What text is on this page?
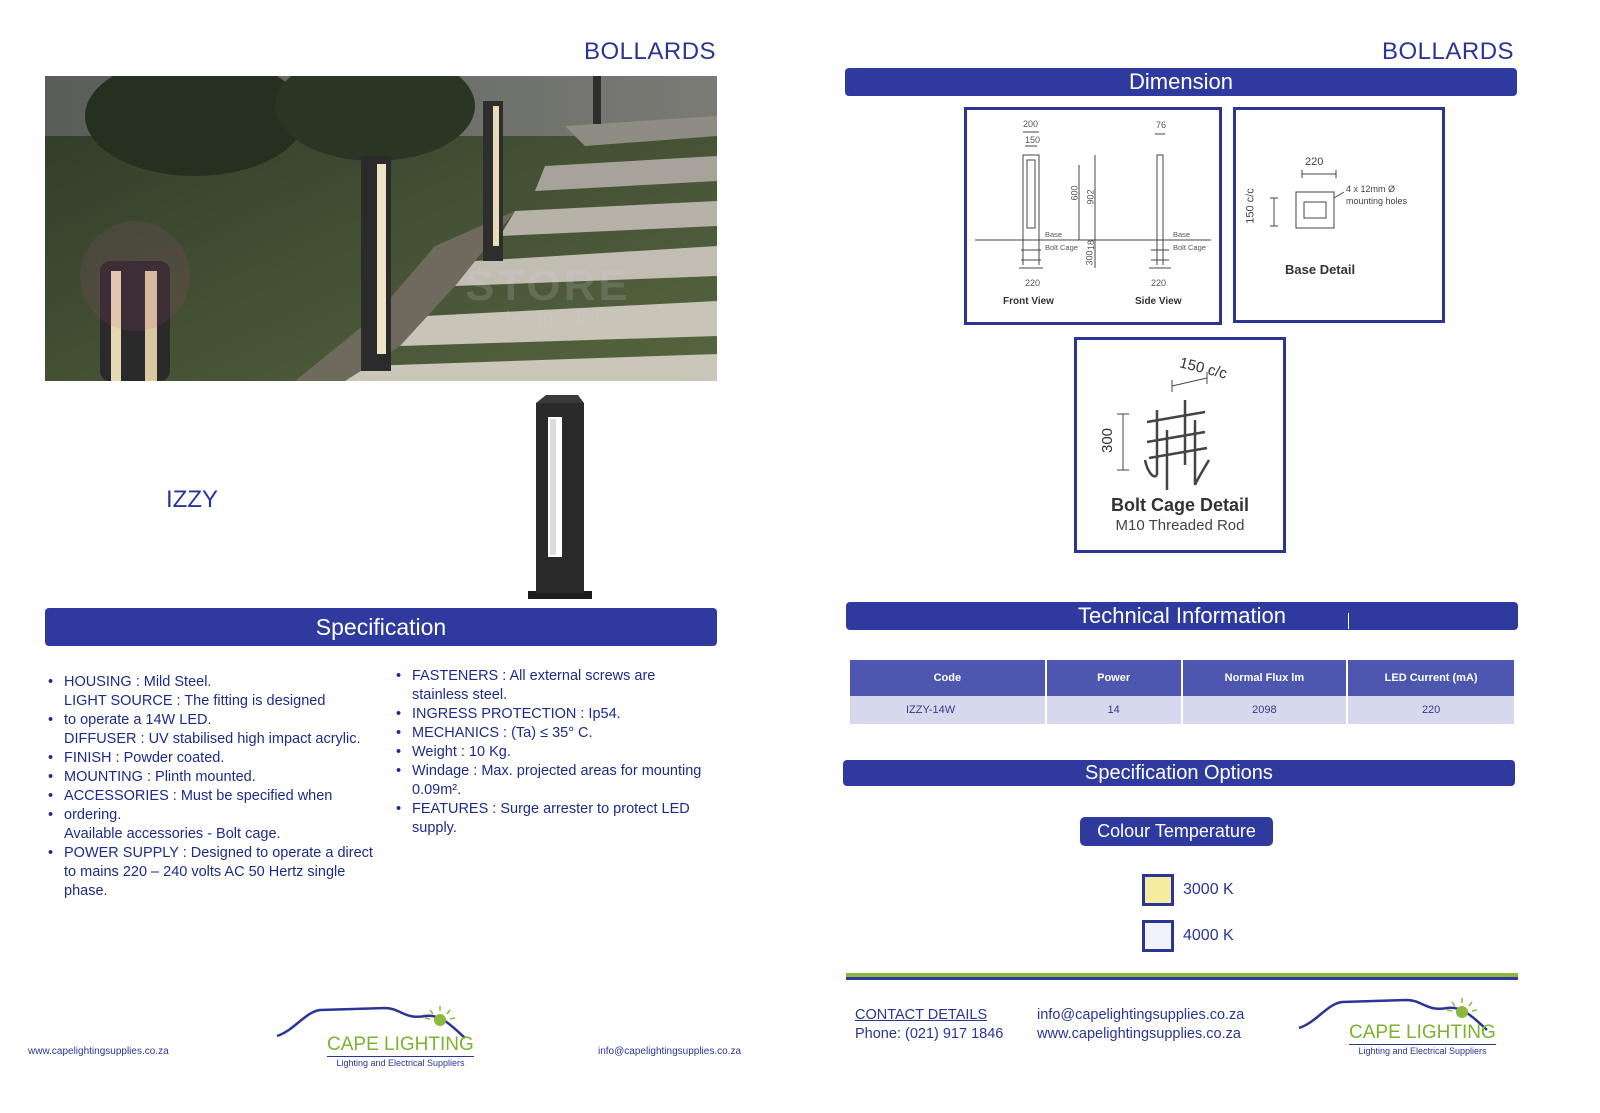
BOLLARDS
STORE
design in lighting
IZZY
Specification
• HOUSING : Mild Steel.
LIGHT SOURCE : The fitting is designed
• to operate a 14W LED.
DIFFUSER : UV stabilised high impact acrylic.
• FINISH : Powder coated.
• MOUNTING : Plinth mounted.
• ACCESSORIES : Must be specified when
• ordering.
Available accessories - Bolt cage.
• POWER SUPPLY : Designed to operate a direct
to mains 220 – 240 volts AC 50 Hertz single
phase.
• FASTENERS : All external screws are
stainless steel.
• INGRESS PROTECTION : Ip54.
• MECHANICS : (Ta) ≤ 35° C.
• Weight : 10 Kg.
• Windage : Max. projected areas for mounting
0.09m².
• FEATURES : Surge arrester to protect LED
supply.
www.capelightingsupplies.co.za	info@capelightingsupplies.co.za
CAPE LIGHTING
Lighting and Electrical Suppliers
BOLLARDS
Dimension
200
150
600 902
18
300
220
76
220
Base
Bolt Cage
Base
Bolt Cage
Front View	Side View
220
150 c/c	4 x 12mm Ø
mounting holes
Base Detail
150 c/c
300
Bolt Cage Detail
M10 Threaded Rod
Technical Information
Code	Power	Normal Flux lm	LED Current (mA)
IZZY-14W	14	2098	220
Specification Options
Colour Temperature
3000 K
4000 K
CONTACT DETAILS
Phone: (021) 917 1846
info@capelightingsupplies.co.za
www.capelightingsupplies.co.za	CAPE LIGHTING
Lighting and Electrical Suppliers
